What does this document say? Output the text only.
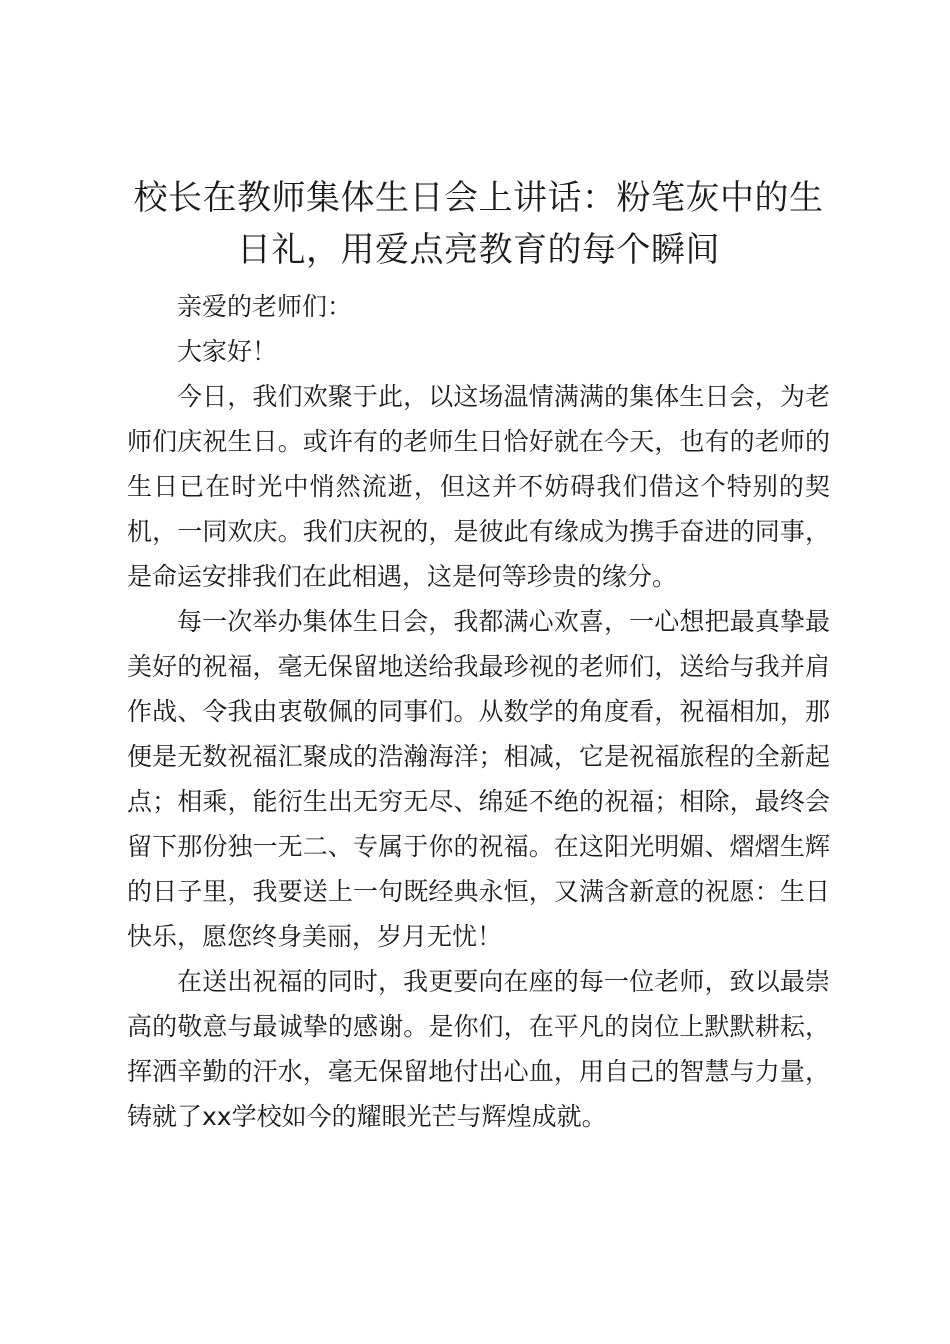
校长在教师集体生日会上讲话：粉笔灰中的生日礼，用爱点亮教育的每个瞬间

亲爱的老师们：

大家好！

今日，我们欢聚于此，以这场温情满满的集体生日会，为老师们庆祝生日。或许有的老师生日恰好就在今天，也有的老师的生日已在时光中悄然流逝，但这并不妨碍我们借这个特别的契机，一同欢庆。我们庆祝的，是彼此有缘成为携手奋进的同事，是命运安排我们在此相遇，这是何等珍贵的缘分。

每一次举办集体生日会，我都满心欢喜，一心想把最真挚最美好的祝福，毫无保留地送给我最珍视的老师们，送给与我并肩作战、令我由衷敬佩的同事们。从数学的角度看，祝福相加，那便是无数祝福汇聚成的浩瀚海洋；相减，它是祝福旅程的全新起点；相乘，能衍生出无穷无尽、绵延不绝的祝福；相除，最终会留下那份独一无二、专属于你的祝福。在这阳光明媚、熠熠生辉的日子里，我要送上一句既经典永恒，又满含新意的祝愿：生日快乐，愿您终身美丽，岁月无忧！

在送出祝福的同时，我更要向在座的每一位老师，致以最崇高的敬意与最诚挚的感谢。是你们，在平凡的岗位上默默耕耘，挥洒辛勤的汗水，毫无保留地付出心血，用自己的智慧与力量，铸就了xx学校如今的耀眼光芒与辉煌成就。
